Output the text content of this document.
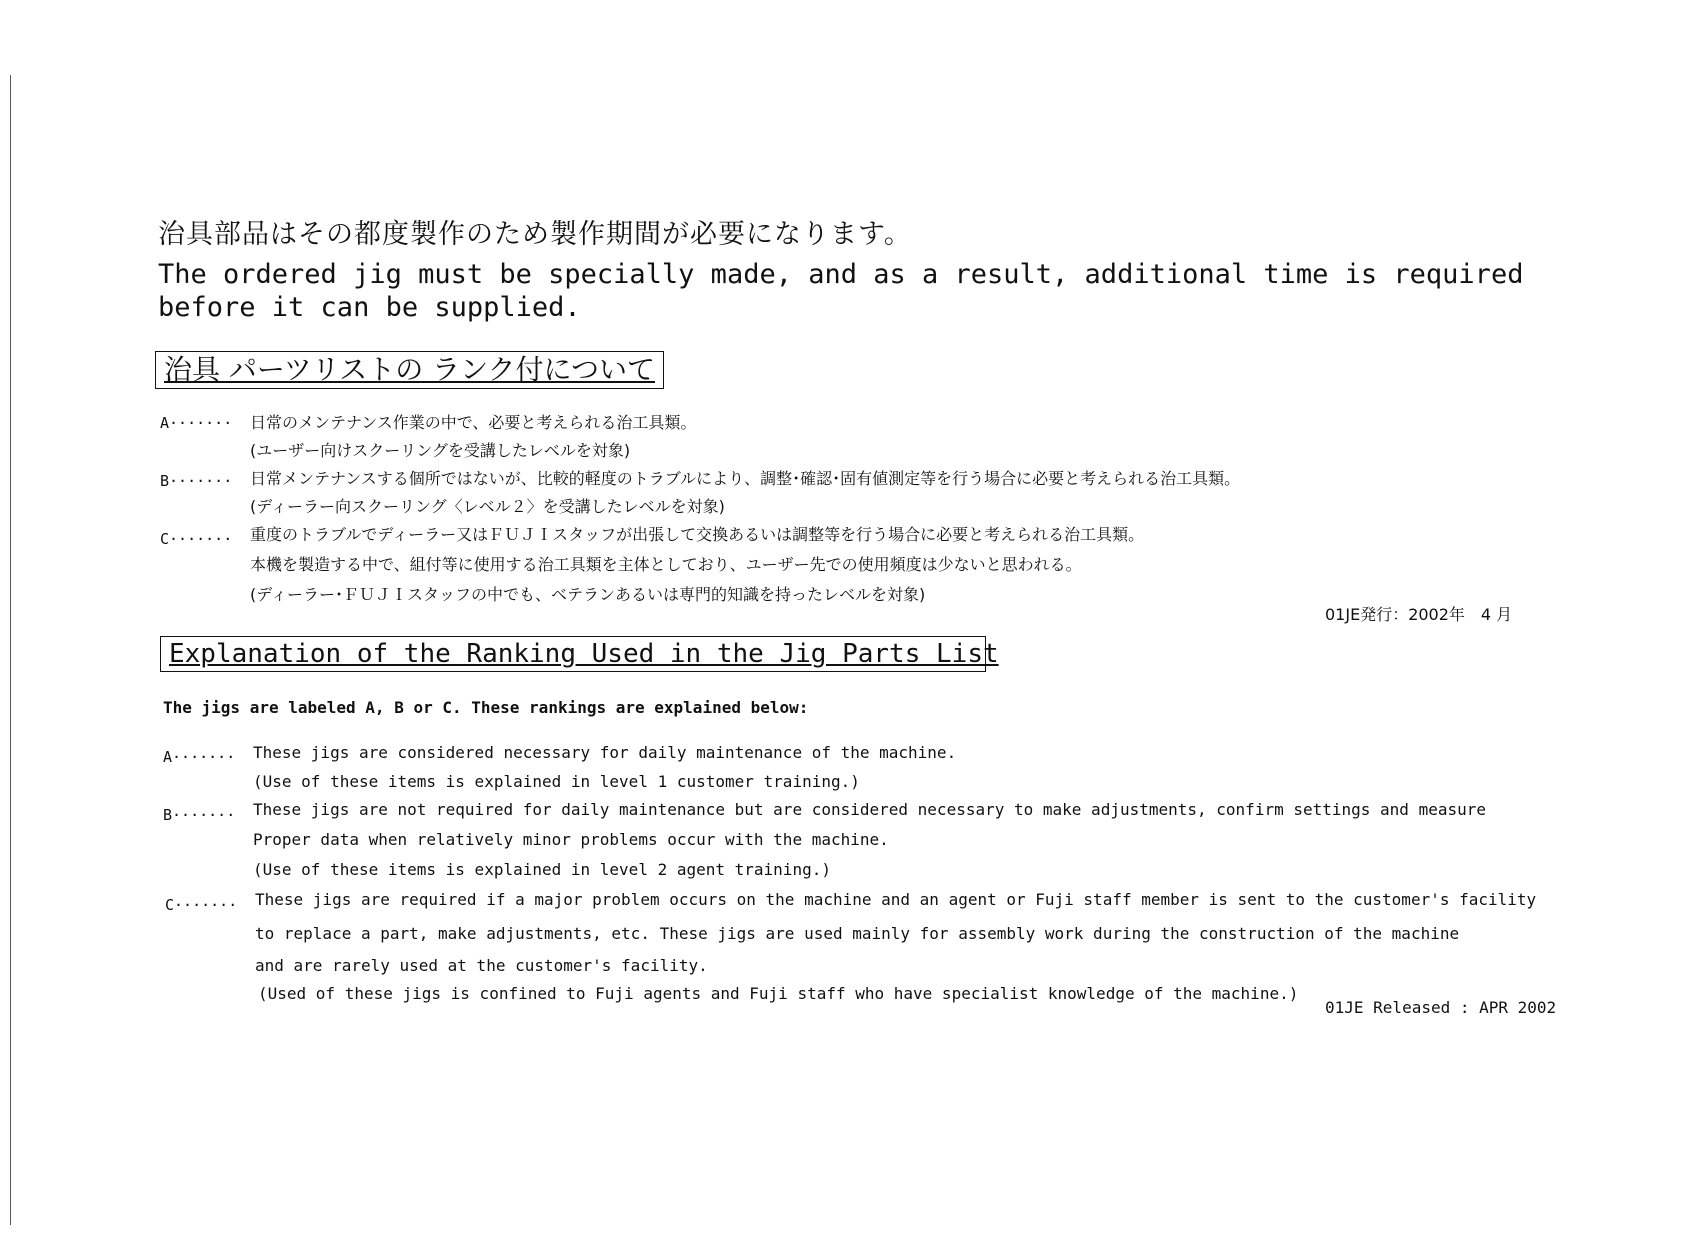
治具部品はその都度製作のため製作期間が必要になります。
The ordered jig must be specially made, and as a result, additional time is required before it can be supplied.
治具 パーツリストの ランク付について
A······· 日常のメンテナンス作業の中で、必要と考えられる治工具類。
(ユーザー向けスクーリングを受講したレベルを対象)
B······· 日常メンテナンスする個所ではないが、比較的軽度のトラブルにより、調整･確認･固有値測定等を行う場合に必要と考えられる治工具類。
(ディーラー向スクーリング〈レベル２〉を受講したレベルを対象)
C······· 重度のトラブルでディーラー又はＦＵＪＩスタッフが出張して交換あるいは調整等を行う場合に必要と考えられる治工具類。
本機を製造する中で、組付等に使用する治工具類を主体としており、ユーザー先での使用頻度は少ないと思われる。
(ディーラー･ＦＵＪＩスタッフの中でも、ベテランあるいは専門的知識を持ったレベルを対象)
01JE発行：2002年　4 月
Explanation of the Ranking Used in the Jig Parts List
The jigs are labeled A, B or C. These rankings are explained below:
A······· These jigs are considered necessary for daily maintenance of the machine.
(Use of these items is explained in level 1 customer training.)
B······· These jigs are not required for daily maintenance but are considered necessary to make adjustments, confirm settings and measure
Proper data when relatively minor problems occur with the machine.
(Use of these items is explained in level 2 agent training.)
C······· These jigs are required if a major problem occurs on the machine and an agent or Fuji staff member is sent to the customer's facility
to replace a part, make adjustments, etc. These jigs are used mainly for assembly work during the construction of the machine
and are rarely used at the customer's facility.
(Used of these jigs is confined to Fuji agents and Fuji staff who have specialist knowledge of the machine.)
01JE Released : APR 2002
